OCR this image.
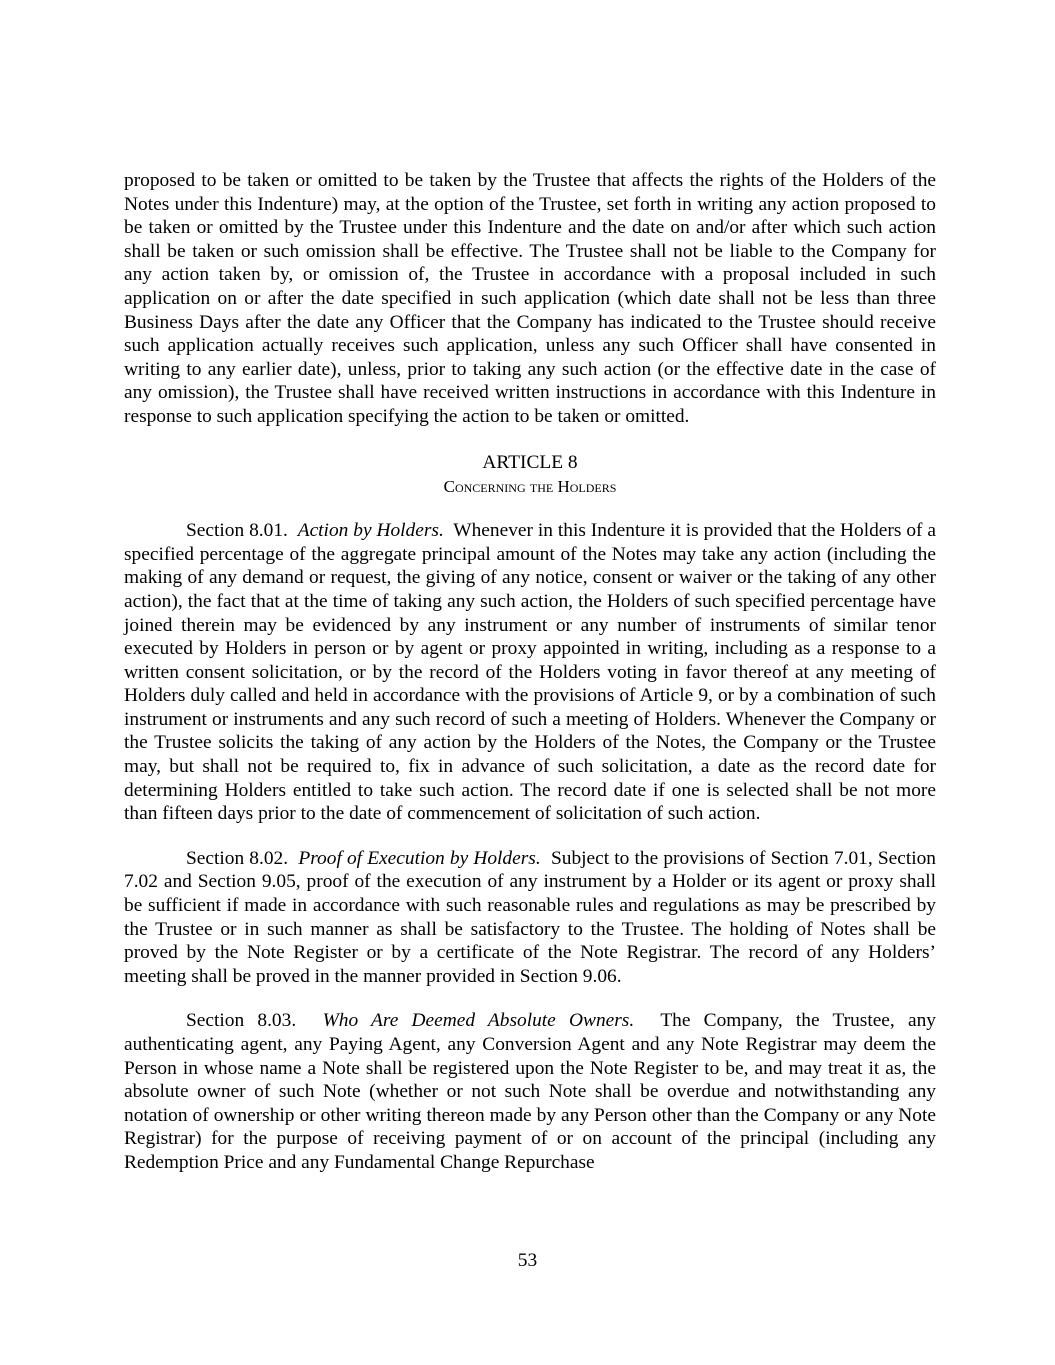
proposed to be taken or omitted to be taken by the Trustee that affects the rights of the Holders of the Notes under this Indenture) may, at the option of the Trustee, set forth in writing any action proposed to be taken or omitted by the Trustee under this Indenture and the date on and/or after which such action shall be taken or such omission shall be effective. The Trustee shall not be liable to the Company for any action taken by, or omission of, the Trustee in accordance with a proposal included in such application on or after the date specified in such application (which date shall not be less than three Business Days after the date any Officer that the Company has indicated to the Trustee should receive such application actually receives such application, unless any such Officer shall have consented in writing to any earlier date), unless, prior to taking any such action (or the effective date in the case of any omission), the Trustee shall have received written instructions in accordance with this Indenture in response to such application specifying the action to be taken or omitted.

ARTICLE 8

Concerning the Holders

Section 8.01. Action by Holders. Whenever in this Indenture it is provided that the Holders of a specified percentage of the aggregate principal amount of the Notes may take any action (including the making of any demand or request, the giving of any notice, consent or waiver or the taking of any other action), the fact that at the time of taking any such action, the Holders of such specified percentage have joined therein may be evidenced by any instrument or any number of instruments of similar tenor executed by Holders in person or by agent or proxy appointed in writing, including as a response to a written consent solicitation, or by the record of the Holders voting in favor thereof at any meeting of Holders duly called and held in accordance with the provisions of Article 9, or by a combination of such instrument or instruments and any such record of such a meeting of Holders. Whenever the Company or the Trustee solicits the taking of any action by the Holders of the Notes, the Company or the Trustee may, but shall not be required to, fix in advance of such solicitation, a date as the record date for determining Holders entitled to take such action. The record date if one is selected shall be not more than fifteen days prior to the date of commencement of solicitation of such action.

Section 8.02. Proof of Execution by Holders. Subject to the provisions of Section 7.01, Section 7.02 and Section 9.05, proof of the execution of any instrument by a Holder or its agent or proxy shall be sufficient if made in accordance with such reasonable rules and regulations as may be prescribed by the Trustee or in such manner as shall be satisfactory to the Trustee. The holding of Notes shall be proved by the Note Register or by a certificate of the Note Registrar. The record of any Holders’ meeting shall be proved in the manner provided in Section 9.06.

Section 8.03. Who Are Deemed Absolute Owners. The Company, the Trustee, any authenticating agent, any Paying Agent, any Conversion Agent and any Note Registrar may deem the Person in whose name a Note shall be registered upon the Note Register to be, and may treat it as, the absolute owner of such Note (whether or not such Note shall be overdue and notwithstanding any notation of ownership or other writing thereon made by any Person other than the Company or any Note Registrar) for the purpose of receiving payment of or on account of the principal (including any Redemption Price and any Fundamental Change Repurchase

53
